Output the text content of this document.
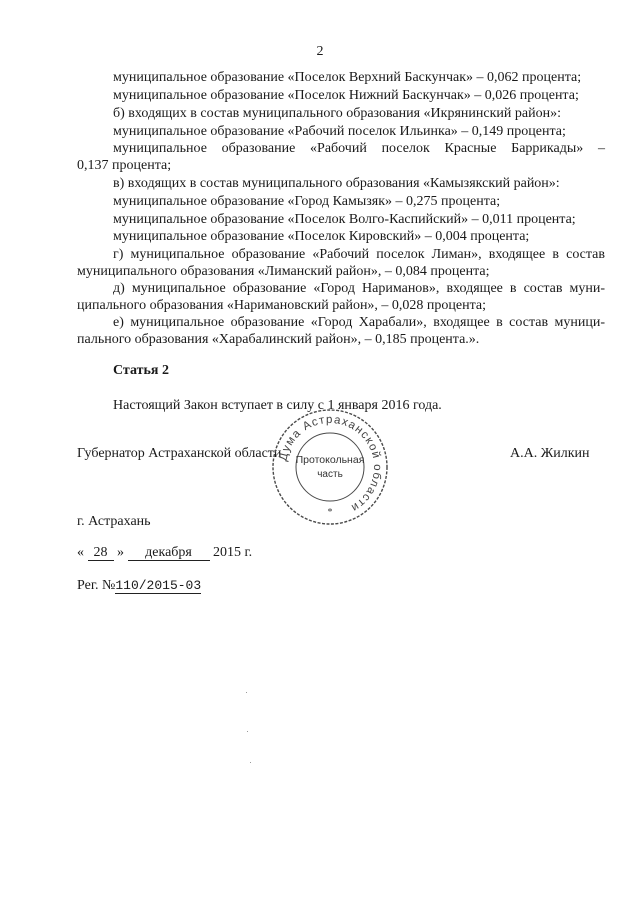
2
муниципальное образование «Поселок Верхний Баскунчак» – 0,062 процента;
муниципальное образование «Поселок Нижний Баскунчак» – 0,026 процента;
б) входящих в состав муниципального образования «Икрянинский район»:
муниципальное образование «Рабочий поселок Ильинка» – 0,149 процента;
муниципальное образование «Рабочий поселок Красные Баррикады» –
0,137 процента;
в) входящих в состав муниципального образования «Камызякский район»:
муниципальное образование «Город Камызяк» – 0,275 процента;
муниципальное образование «Поселок Волго-Каспийский» – 0,011 процента;
муниципальное образование «Поселок Кировский» – 0,004 процента;
г) муниципальное образование «Рабочий поселок Лиман», входящее в состав
муниципального образования «Лиманский район», – 0,084 процента;
д) муниципальное образование «Город Нариманов», входящее в состав муни-
ципального образования «Наримановский район», – 0,028 процента;
е) муниципальное образование «Город Харабали», входящее в состав муници-
пального образования «Харабалинский район», – 0,185 процента.».
Статья 2
Настоящий Закон вступает в силу с 1 января 2016 года.
Губернатор Астраханской области	А.А. Жилкин
Дума Астраханской области
Протокольная
часть
*
г. Астрахань
« 28 » декабря 2015 г.
Рег. №110/2015-03
